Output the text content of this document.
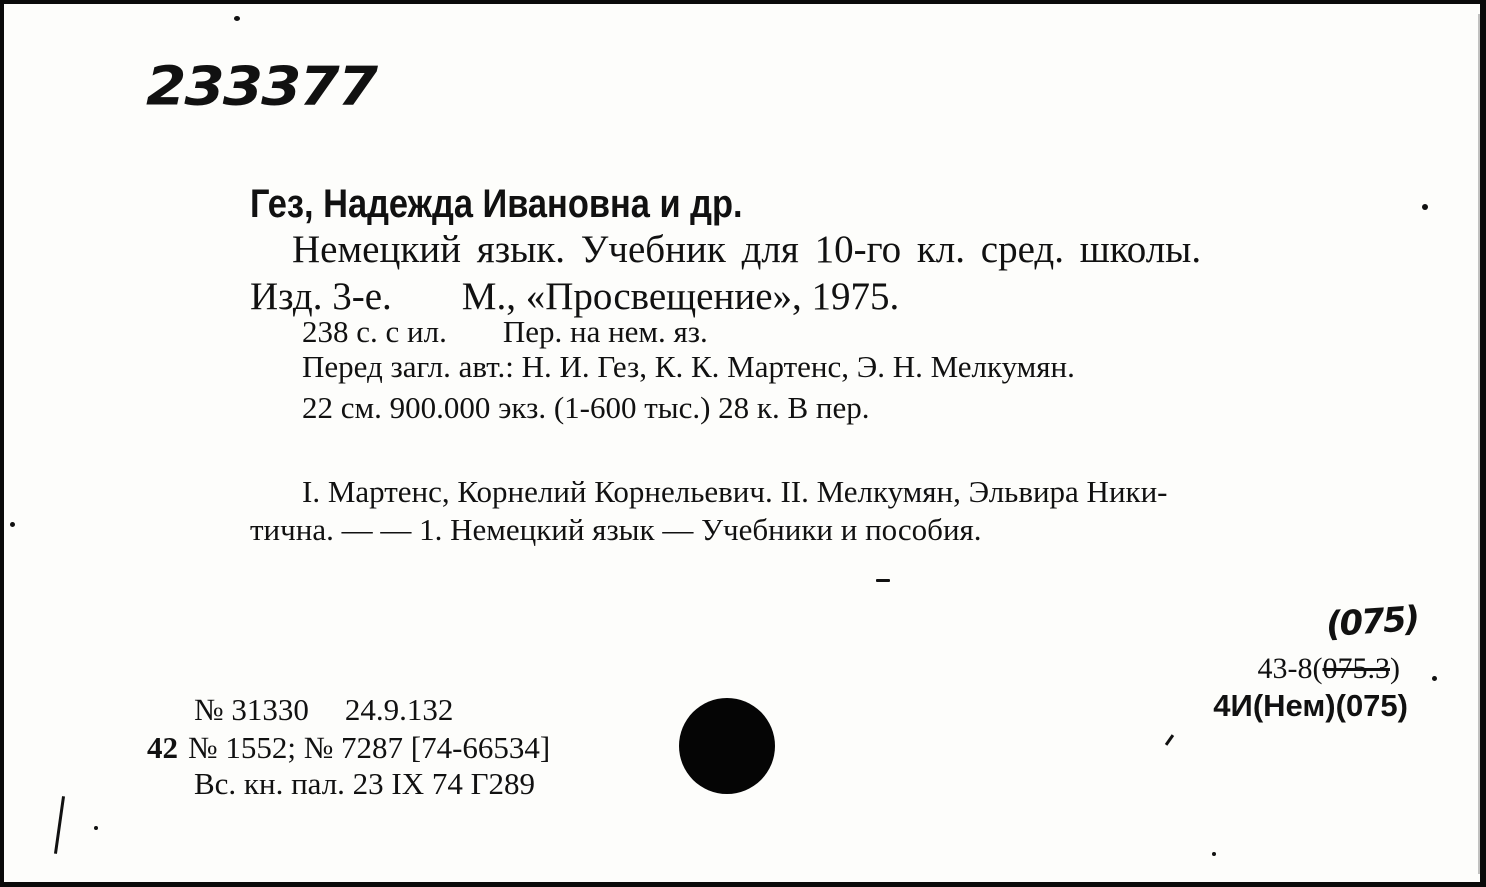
233377
Гез, Надежда Ивановна и др.
Немецкий язык. Учебник для 10-го кл. сред. школы.
Изд. 3-е. М., «Просвещение», 1975.
238 с. с ил. Пер. на нем. яз.
Перед загл. авт.: Н. И. Гез, К. К. Мартенс, Э. Н. Мелкумян.
22 см. 900.000 экз. (1-600 тыс.) 28 к. В пер.
I. Мартенс, Корнелий Корнельевич. II. Мелкумян, Эльвира Ники-
тична. — — 1. Немецкий язык — Учебники и пособия.
(075)
43-8(075.3)
4И(Нем)(075)
№ 31330 24.9.132
42 № 1552; № 7287 [74-66534]
Вс. кн. пал. 23 IX 74 Г289
